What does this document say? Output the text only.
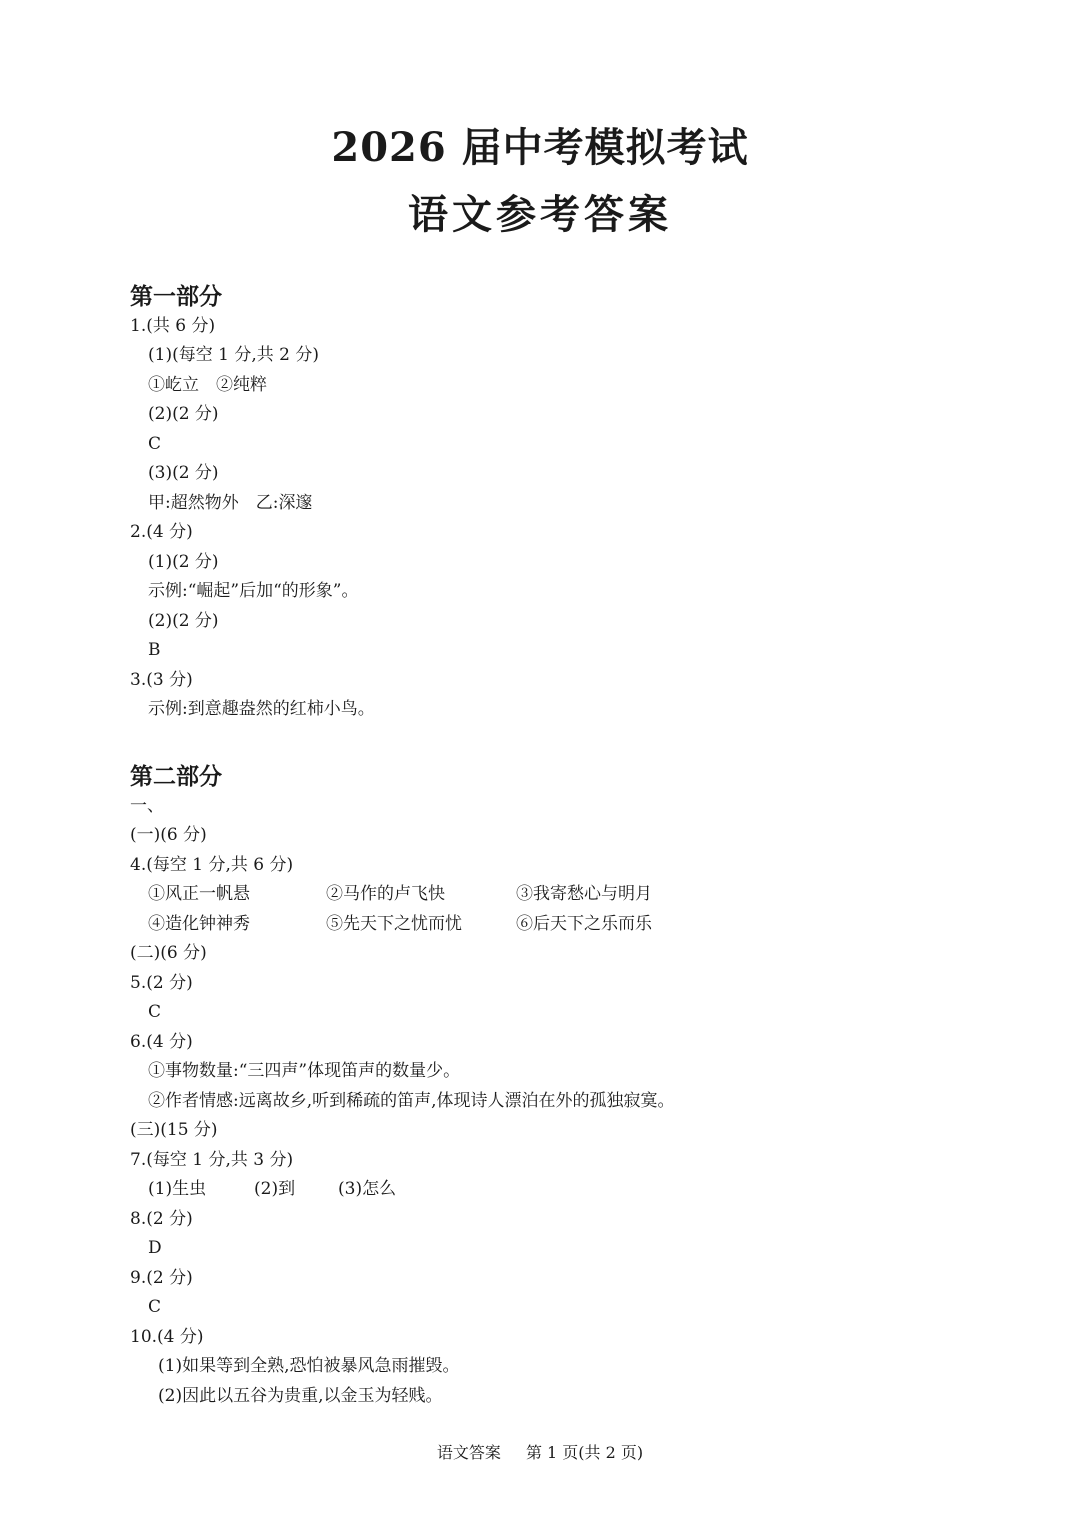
2026 届中考模拟考试
语文参考答案
第一部分

1.(共 6 分)

(1)(每空 1 分,共 2 分)

①屹立　②纯粹

(2)(2 分)

C

(3)(2 分)

甲:超然物外　乙:深邃

2.(4 分)

(1)(2 分)

示例:“崛起”后加“的形象”。

(2)(2 分)

B

3.(3 分)

示例:到意趣盎然的红柿小鸟。

第二部分

一、

(一)(6 分)

4.(每空 1 分,共 6 分)

①风正一帆悬	②马作的卢飞快	③我寄愁心与明月
④造化钟神秀	⑤先天下之忧而忧	⑥后天下之乐而乐

(二)(6 分)

5.(2 分)

C

6.(4 分)

①事物数量:“三四声”体现笛声的数量少。

②作者情感:远离故乡,听到稀疏的笛声,体现诗人漂泊在外的孤独寂寞。

(三)(15 分)

7.(每空 1 分,共 3 分)

(1)生虫	(2)到	(3)怎么

8.(2 分)

D

9.(2 分)

C

10.(4 分)

(1)如果等到全熟,恐怕被暴风急雨摧毁。

(2)因此以五谷为贵重,以金玉为轻贱。

语文答案 第 1 页(共 2 页)
